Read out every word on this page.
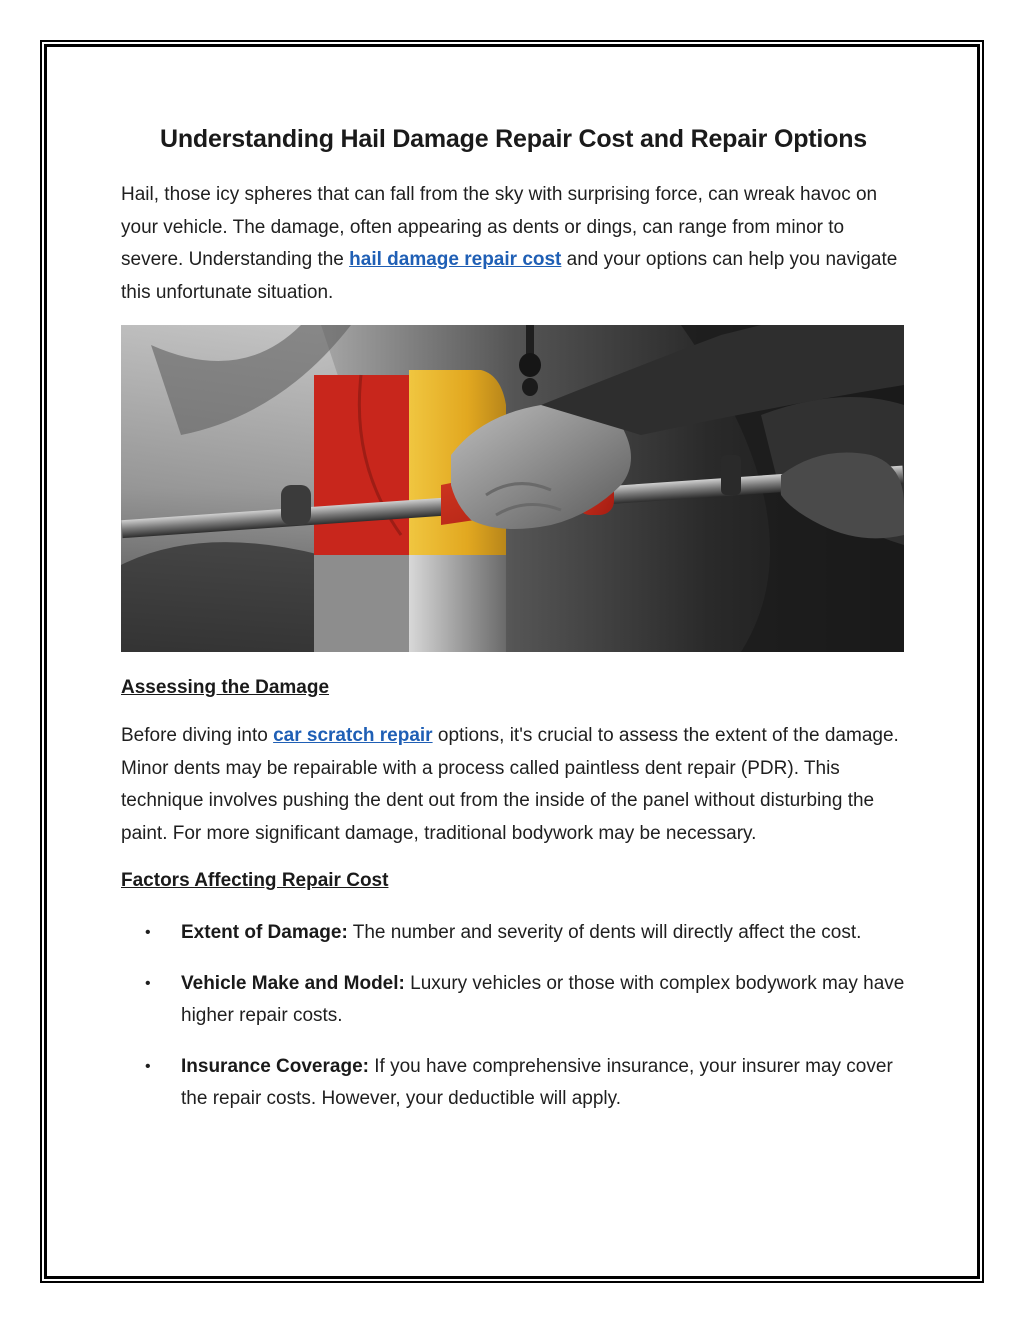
Understanding Hail Damage Repair Cost and Repair Options

Hail, those icy spheres that can fall from the sky with surprising force, can wreak havoc on your vehicle. The damage, often appearing as dents or dings, can range from minor to severe. Understanding the hail damage repair cost and your options can help you navigate this unfortunate situation.

Assessing the Damage

Before diving into car scratch repair options, it's crucial to assess the extent of the damage. Minor dents may be repairable with a process called paintless dent repair (PDR). This technique involves pushing the dent out from the inside of the panel without disturbing the paint. For more significant damage, traditional bodywork may be necessary.

Factors Affecting Repair Cost
• Extent of Damage: The number and severity of dents will directly affect the cost.
• Vehicle Make and Model: Luxury vehicles or those with complex bodywork may have higher repair costs.
• Insurance Coverage: If you have comprehensive insurance, your insurer may cover the repair costs. However, your deductible will apply.
